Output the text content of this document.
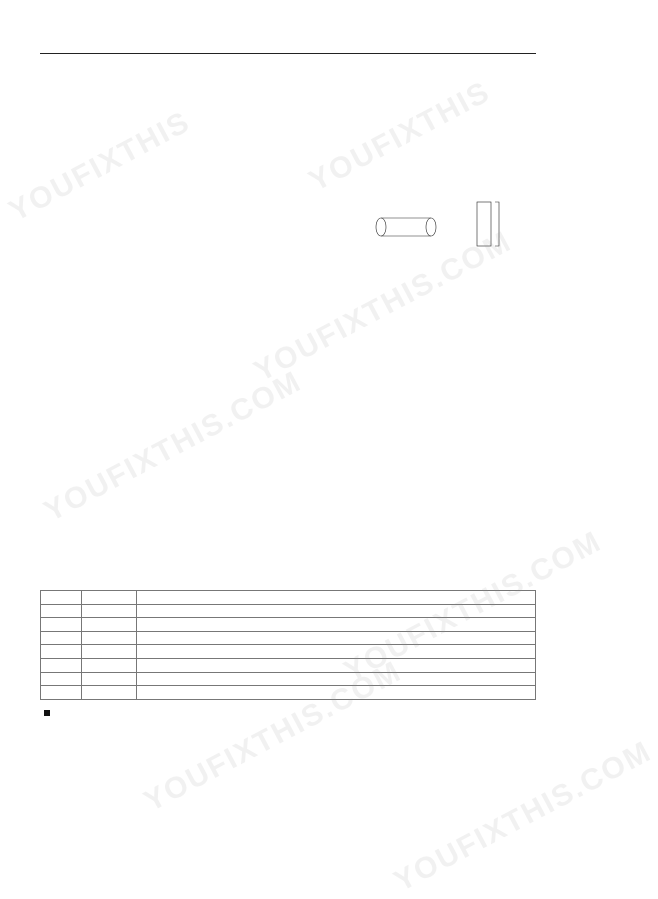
YOUFIXTHIS	YOUFIXTHIS
YOUFIXTHIS.COM
YOUFIXTHIS.COM
YOUFIXTHIS.COM
YOUFIXTHIS.COM
YOUFIXTHIS.COM
